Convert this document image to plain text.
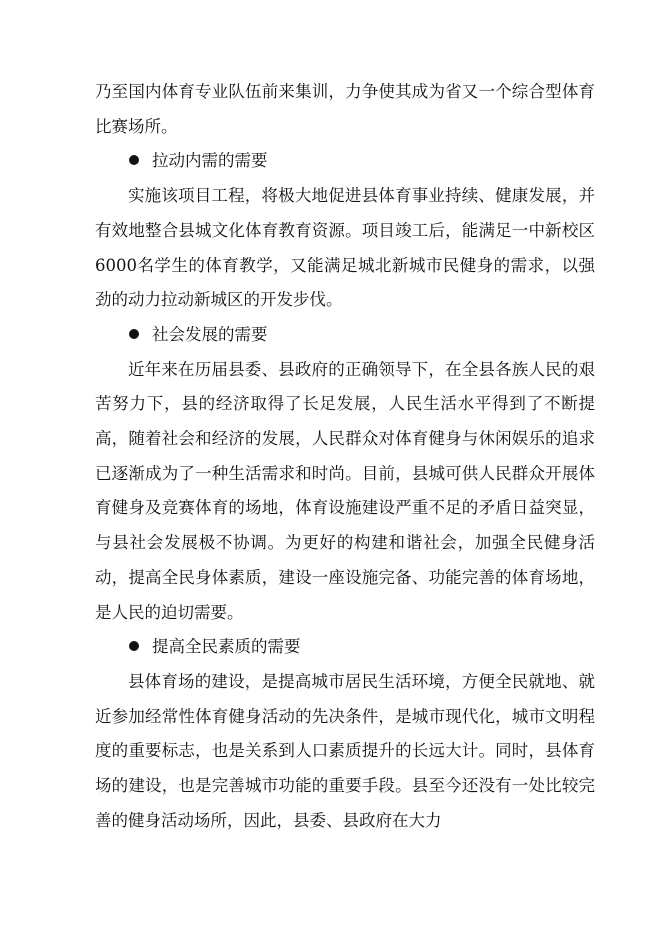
乃至国内体育专业队伍前来集训，力争使其成为省又一个综合型体育比赛场所。

拉动内需的需要

实施该项目工程，将极大地促进县体育事业持续、健康发展，并有效地整合县城文化体育教育资源。项目竣工后，能满足一中新校区6000名学生的体育教学，又能满足城北新城市民健身的需求，以强劲的动力拉动新城区的开发步伐。

社会发展的需要

近年来在历届县委、县政府的正确领导下，在全县各族人民的艰苦努力下，县的经济取得了长足发展，人民生活水平得到了不断提高，随着社会和经济的发展，人民群众对体育健身与休闲娱乐的追求已逐渐成为了一种生活需求和时尚。目前，县城可供人民群众开展体育健身及竞赛体育的场地，体育设施建设严重不足的矛盾日益突显，与县社会发展极不协调。为更好的构建和谐社会，加强全民健身活动，提高全民身体素质，建设一座设施完备、功能完善的体育场地，是人民的迫切需要。

提高全民素质的需要

县体育场的建设，是提高城市居民生活环境，方便全民就地、就近参加经常性体育健身活动的先决条件，是城市现代化，城市文明程度的重要标志，也是关系到人口素质提升的长远大计。同时，县体育场的建设，也是完善城市功能的重要手段。县至今还没有一处比较完善的健身活动场所，因此，县委、县政府在大力
